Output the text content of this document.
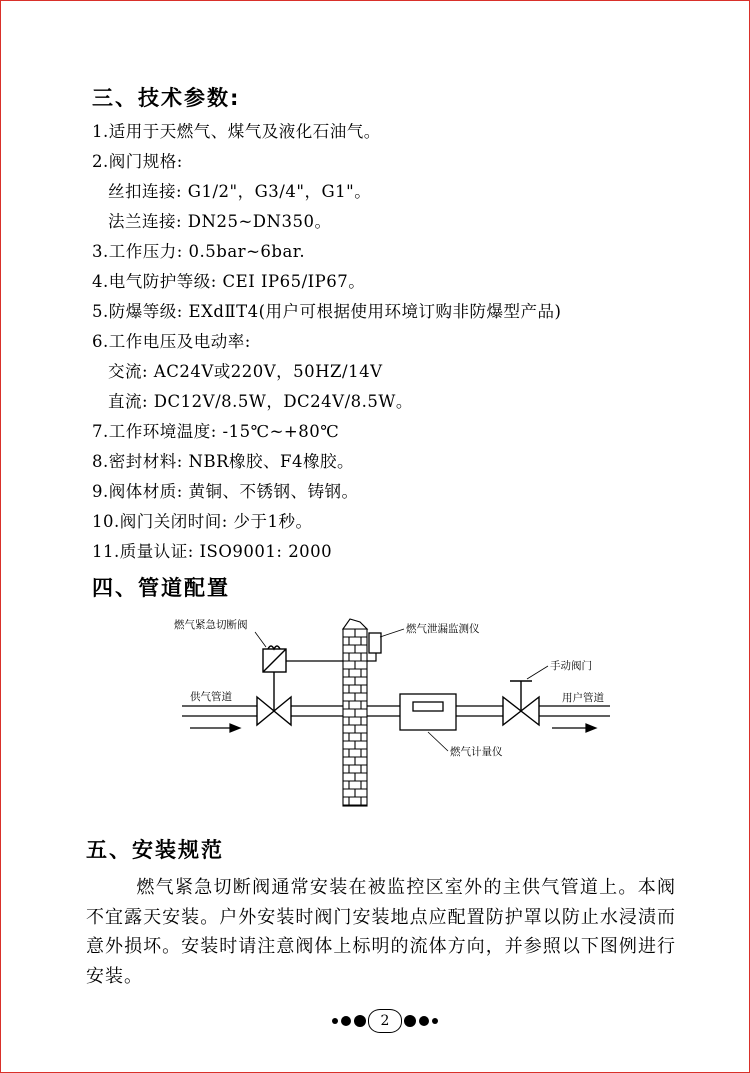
三、技术参数:
1.适用于天燃气、煤气及液化石油气。
2.阀门规格:
丝扣连接: G1/2"，G3/4"，G1"。
法兰连接: DN25~DN350。
3.工作压力: 0.5bar~6bar.
4.电气防护等级: CEI IP65/IP67。
5.防爆等级: EXdⅡT4(用户可根据使用环境订购非防爆型产品)
6.工作电压及电动率:
交流: AC24V或220V，50HZ/14V
直流: DC12V/8.5W，DC24V/8.5W。
7.工作环境温度: -15℃~+80℃
8.密封材料: NBR橡胶、F4橡胶。
9.阀体材质: 黄铜、不锈钢、铸钢。
10.阀门关闭时间: 少于1秒。
11.质量认证: ISO9001: 2000
四、管道配置
燃气紧急切断阀	燃气泄漏监测仪
燃气计量仪
手动阀门
供气管道	用户管道
五、安装规范
燃气紧急切断阀通常安装在被监控区室外的主供气管道上。本阀不宜露天安装。户外安装时阀门安装地点应配置防护罩以防止水浸渍而意外损坏。安装时请注意阀体上标明的流体方向，并参照以下图例进行安装。
2
